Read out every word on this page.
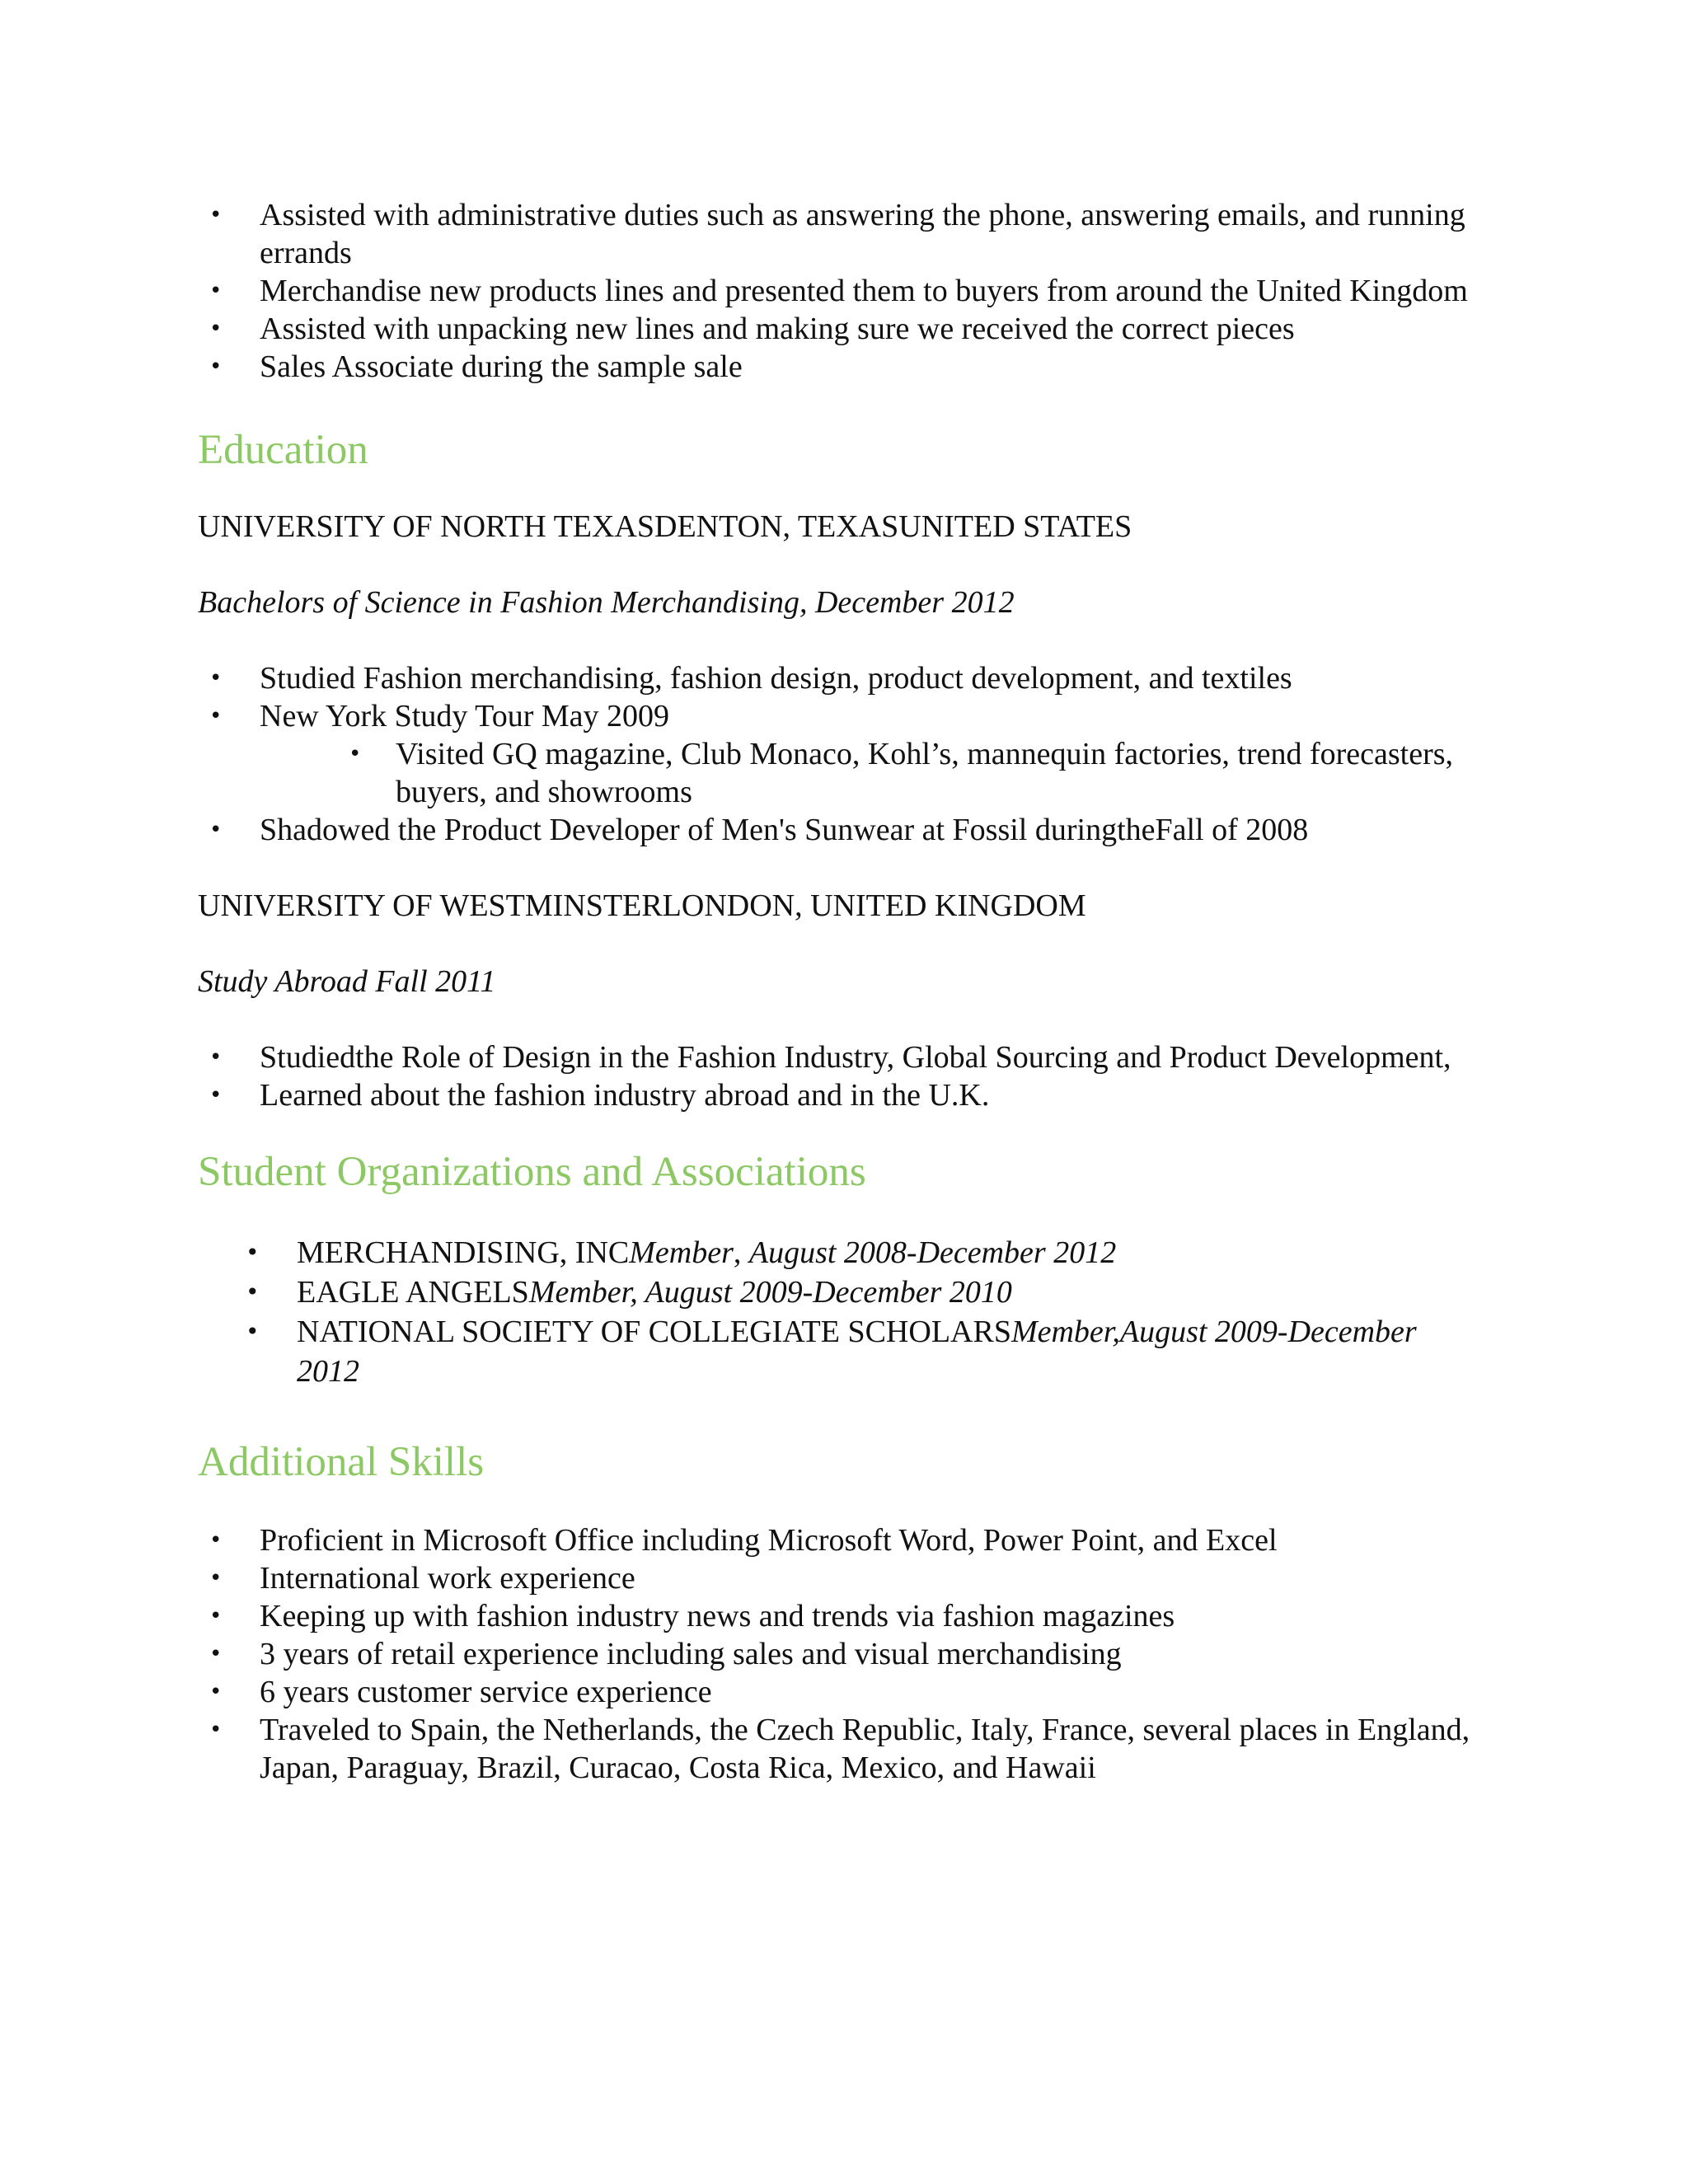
• Assisted with administrative duties such as answering the phone, answering emails, and running errands
• Merchandise new products lines and presented them to buyers from around the United Kingdom
• Assisted with unpacking new lines and making sure we received the correct pieces
• Sales Associate during the sample sale
Education
UNIVERSITY OF NORTH TEXASDENTON, TEXASUNITED STATES
Bachelors of Science in Fashion Merchandising, December 2012
• Studied Fashion merchandising, fashion design, product development, and textiles
• New York Study Tour May 2009
• Visited GQ magazine, Club Monaco, Kohl’s, mannequin factories, trend forecasters, buyers, and showrooms
• Shadowed the Product Developer of Men's Sunwear at Fossil duringtheFall of 2008
UNIVERSITY OF WESTMINSTERLONDON, UNITED KINGDOM
Study Abroad Fall 2011
• Studiedthe Role of Design in the Fashion Industry, Global Sourcing and Product Development,
• Learned about the fashion industry abroad and in the U.K.
Student Organizations and Associations
• MERCHANDISING, INCMember, August 2008-December 2012
• EAGLE ANGELSMember, August 2009-December 2010
• NATIONAL SOCIETY OF COLLEGIATE SCHOLARSMember,August 2009-December 2012
Additional Skills
• Proficient in Microsoft Office including Microsoft Word, Power Point, and Excel
• International work experience
• Keeping up with fashion industry news and trends via fashion magazines
• 3 years of retail experience including sales and visual merchandising
• 6 years customer service experience
• Traveled to Spain, the Netherlands, the Czech Republic, Italy, France, several places in England, Japan, Paraguay, Brazil, Curacao, Costa Rica, Mexico, and Hawaii
